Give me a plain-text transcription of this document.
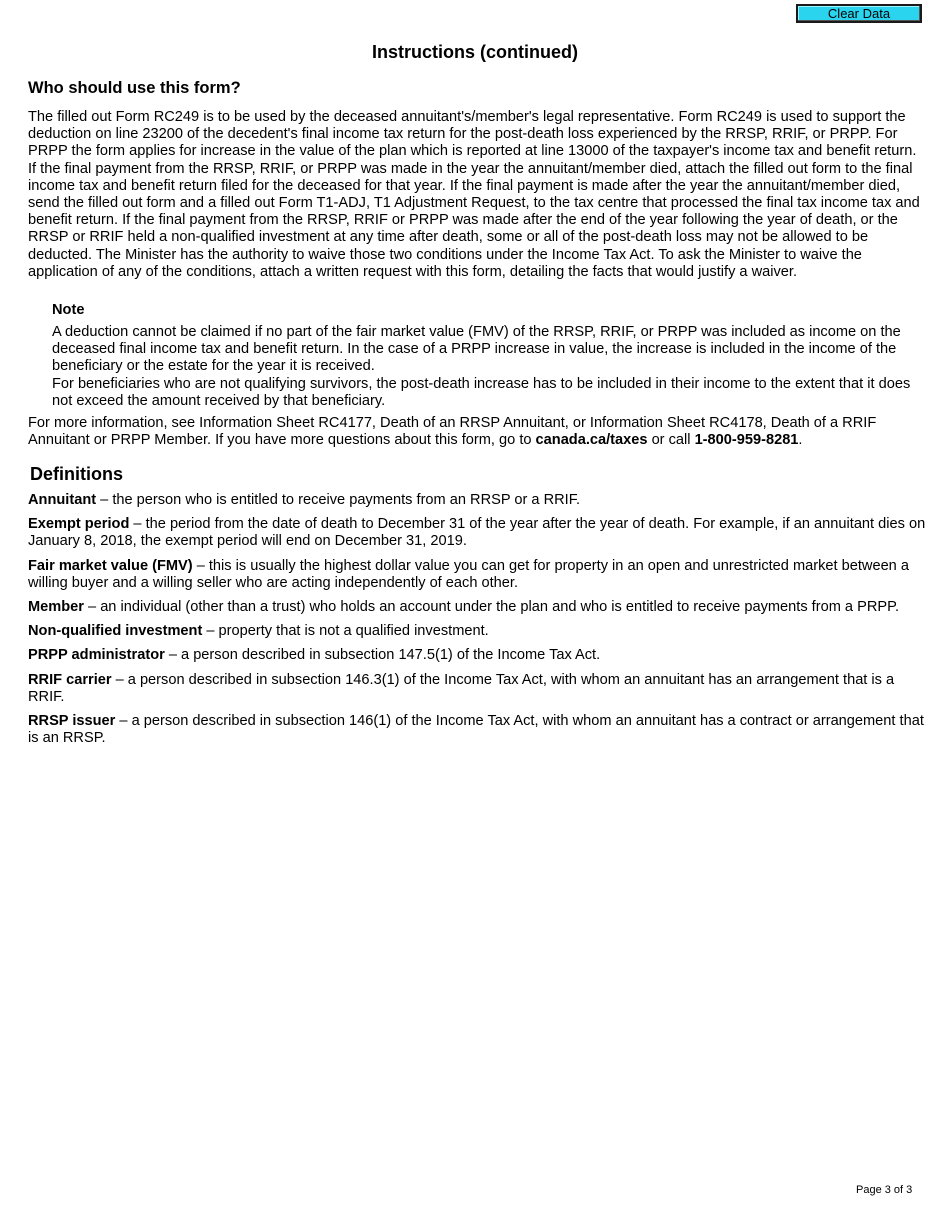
Clear Data
Instructions (continued)
Who should use this form?

The filled out Form RC249 is to be used by the deceased annuitant's/member's legal representative. Form RC249 is used to support the deduction on line 23200 of the decedent's final income tax return for the post-death loss experienced by the RRSP, RRIF, or PRPP. For PRPP the form applies for increase in the value of the plan which is reported at line 13000 of the taxpayer's income tax and benefit return. If the final payment from the RRSP, RRIF, or PRPP was made in the year the annuitant/member died, attach the filled out form to the final income tax and benefit return filed for the deceased for that year. If the final payment is made after the year the annuitant/member died, send the filled out form and a filled out Form T1-ADJ, T1 Adjustment Request, to the tax centre that processed the final tax income tax and benefit return. If the final payment from the RRSP, RRIF or PRPP was made after the end of the year following the year of death, or the RRSP or RRIF held a non-qualified investment at any time after death, some or all of the post-death loss may not be allowed to be deducted. The Minister has the authority to waive those two conditions under the Income Tax Act. To ask the Minister to waive the application of any of the conditions, attach a written request with this form, detailing the facts that would justify a waiver.

Note

A deduction cannot be claimed if no part of the fair market value (FMV) of the RRSP, RRIF, or PRPP was included as income on the deceased final income tax and benefit return. In the case of a PRPP increase in value, the increase is included in the income of the beneficiary or the estate for the year it is received.

For beneficiaries who are not qualifying survivors, the post-death increase has to be included in their income to the extent that it does not exceed the amount received by that beneficiary.

For more information, see Information Sheet RC4177, Death of an RRSP Annuitant, or Information Sheet RC4178, Death of a RRIF Annuitant or PRPP Member. If you have more questions about this form, go to canada.ca/taxes or call 1-800-959-8281.

Definitions
Annuitant – the person who is entitled to receive payments from an RRSP or a RRIF.
Exempt period – the period from the date of death to December 31 of the year after the year of death. For example, if an annuitant dies on January 8, 2018, the exempt period will end on December 31, 2019.
Fair market value (FMV) – this is usually the highest dollar value you can get for property in an open and unrestricted market between a willing buyer and a willing seller who are acting independently of each other.
Member – an individual (other than a trust) who holds an account under the plan and who is entitled to receive payments from a PRPP.
Non-qualified investment – property that is not a qualified investment.
PRPP administrator – a person described in subsection 147.5(1) of the Income Tax Act.
RRIF carrier – a person described in subsection 146.3(1) of the Income Tax Act, with whom an annuitant has an arrangement that is a RRIF.
RRSP issuer – a person described in subsection 146(1) of the Income Tax Act, with whom an annuitant has a contract or arrangement that is an RRSP.

Page 3 of 3
